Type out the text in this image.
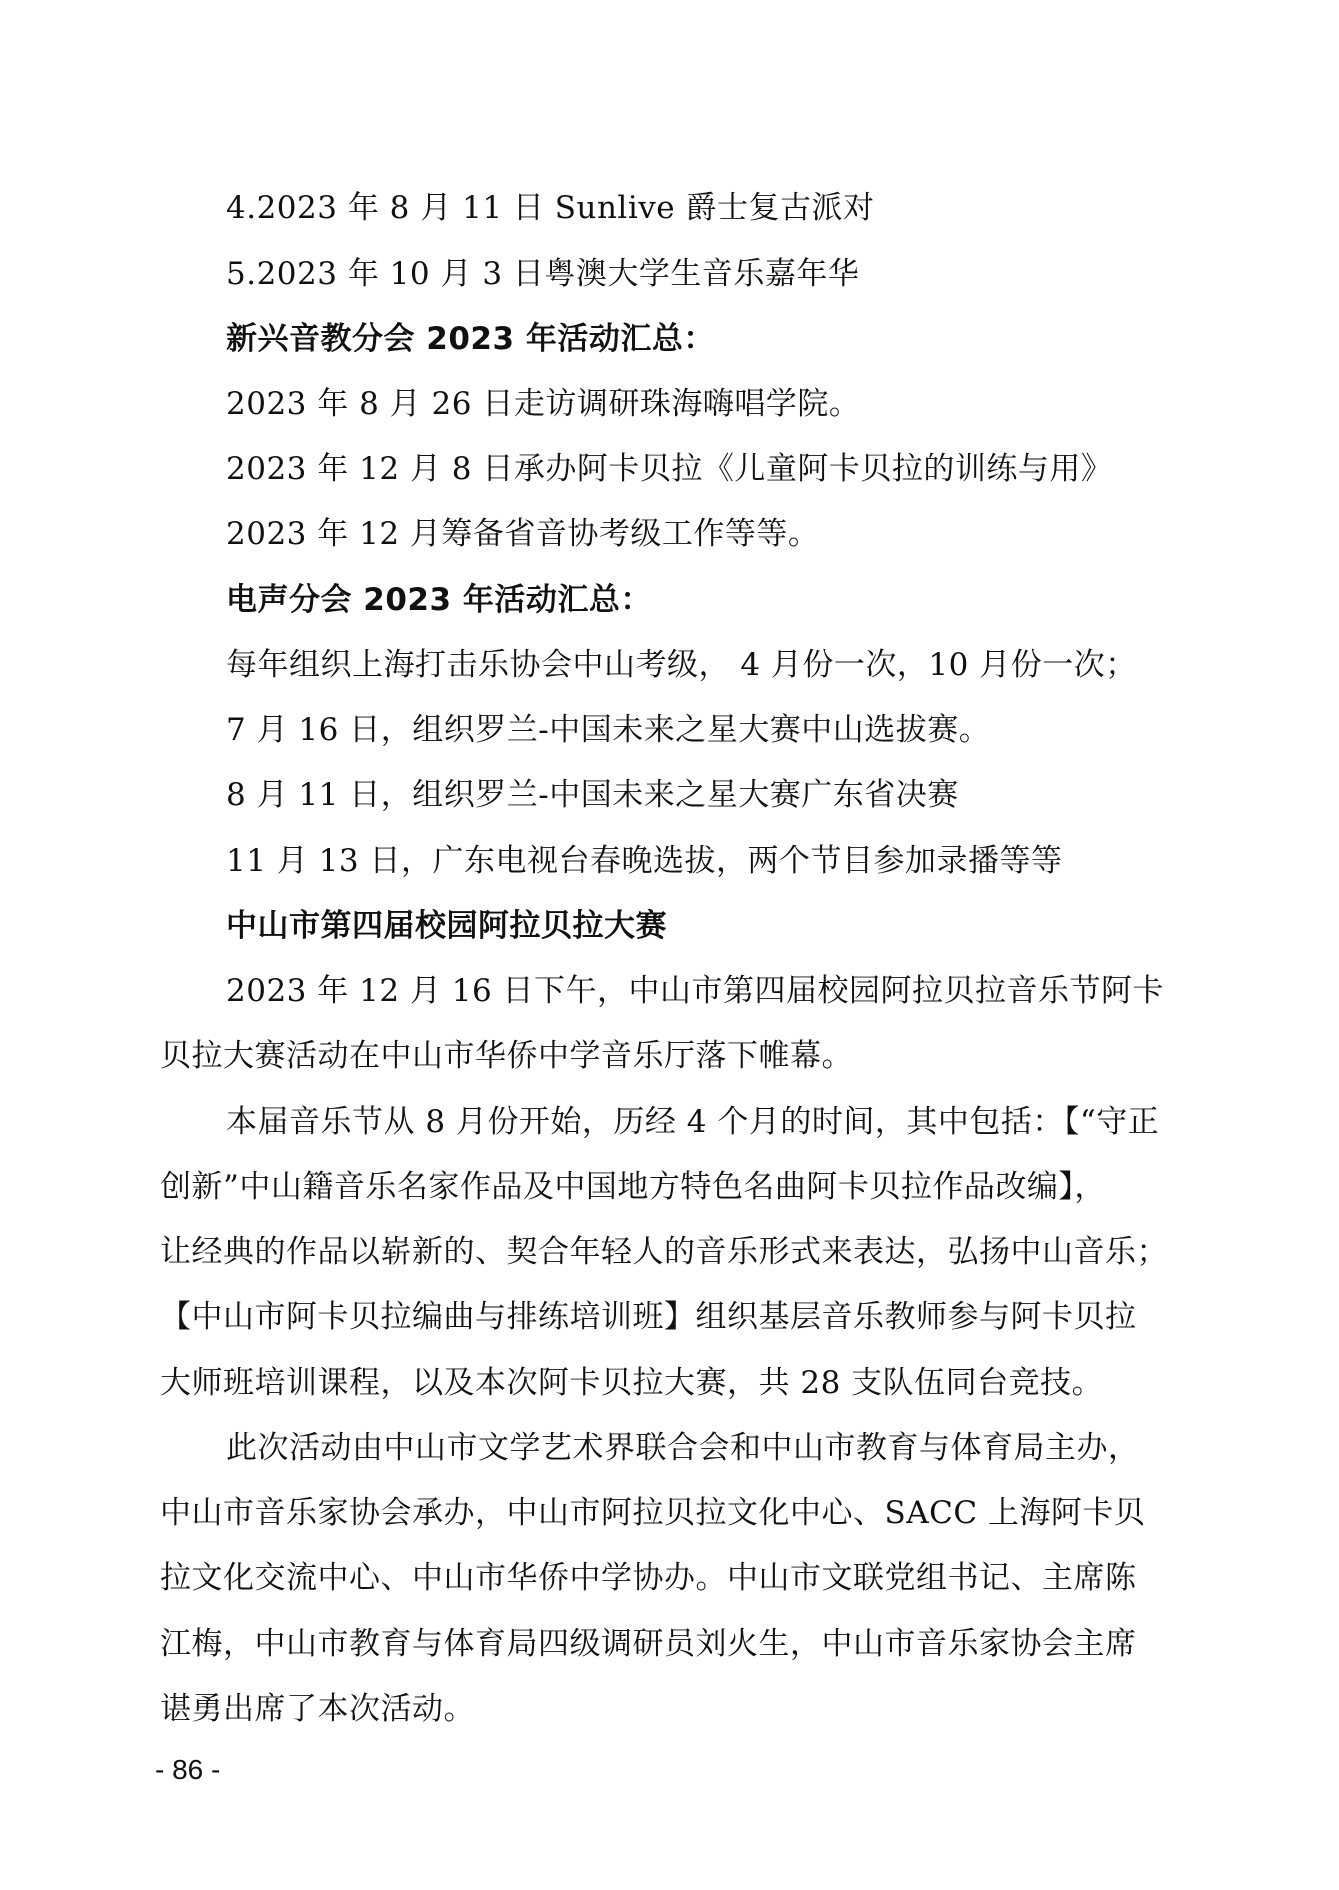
4.2023 年 8 月 11 日 Sunlive 爵士复古派对
5.2023 年 10 月 3 日粤澳大学生音乐嘉年华
新兴音教分会 2023 年活动汇总：
2023 年 8 月 26 日走访调研珠海嗨唱学院。
2023 年 12 月 8 日承办阿卡贝拉《儿童阿卡贝拉的训练与用》
2023 年 12 月筹备省音协考级工作等等。
电声分会 2023 年活动汇总：
每年组织上海打击乐协会中山考级， 4 月份一次，10 月份一次；
7 月 16 日，组织罗兰-中国未来之星大赛中山选拔赛。
8 月 11 日，组织罗兰-中国未来之星大赛广东省决赛
11 月 13 日，广东电视台春晚选拔，两个节目参加录播等等
中山市第四届校园阿拉贝拉大赛
2023 年 12 月 16 日下午，中山市第四届校园阿拉贝拉音乐节阿卡
贝拉大赛活动在中山市华侨中学音乐厅落下帷幕。
本届音乐节从 8 月份开始，历经 4 个月的时间，其中包括：【“守正
创新”中山籍音乐名家作品及中国地方特色名曲阿卡贝拉作品改编】，
让经典的作品以崭新的、契合年轻人的音乐形式来表达，弘扬中山音乐；
【中山市阿卡贝拉编曲与排练培训班】组织基层音乐教师参与阿卡贝拉
大师班培训课程，以及本次阿卡贝拉大赛，共 28 支队伍同台竞技。
此次活动由中山市文学艺术界联合会和中山市教育与体育局主办，
中山市音乐家协会承办，中山市阿拉贝拉文化中心、SACC 上海阿卡贝
拉文化交流中心、中山市华侨中学协办。中山市文联党组书记、主席陈
江梅，中山市教育与体育局四级调研员刘火生，中山市音乐家协会主席
谌勇出席了本次活动。
- 86 -
